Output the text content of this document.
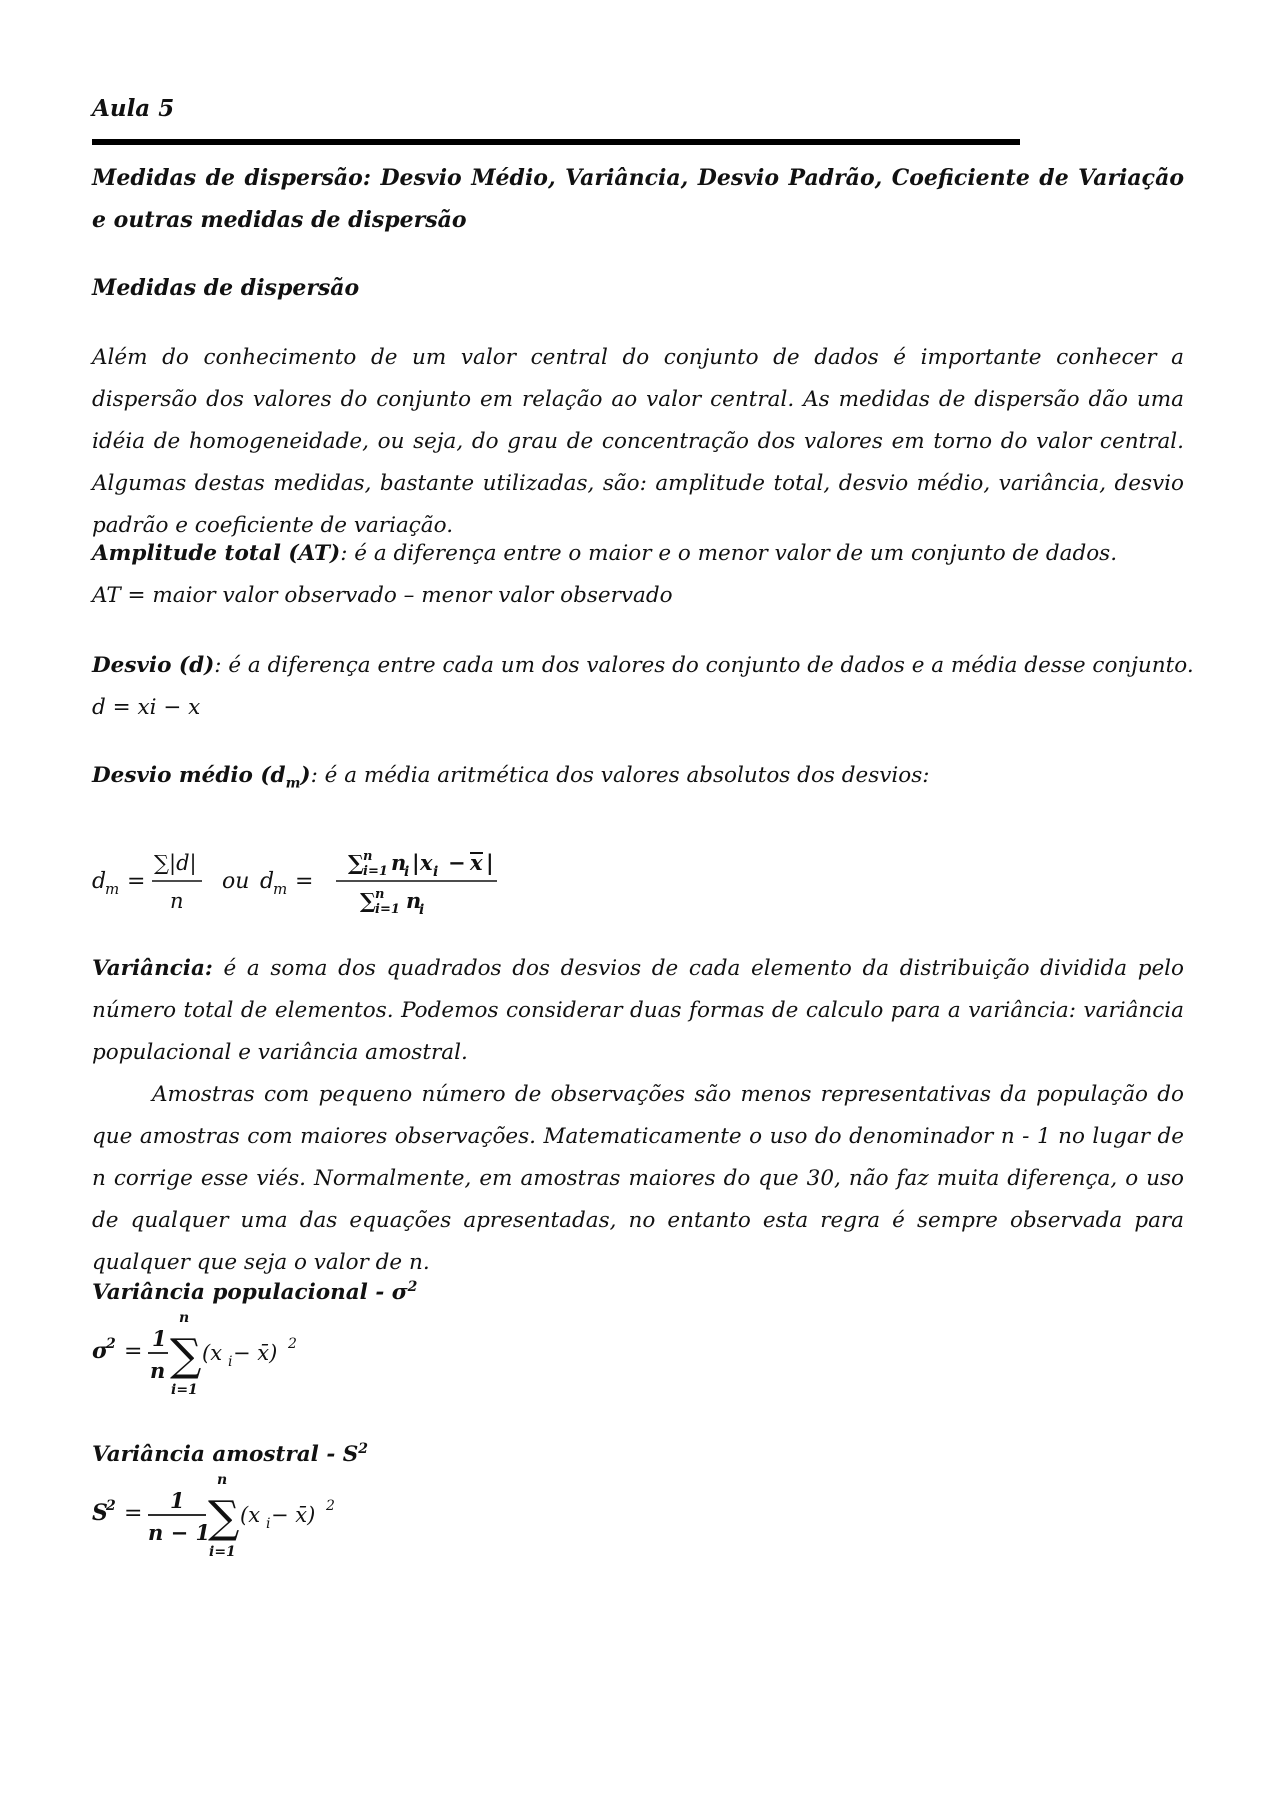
Aula 5
Medidas de dispersão: Desvio Médio, Variância, Desvio Padrão, Coeficiente de Variação e outras medidas de dispersão
Medidas de dispersão
Além do conhecimento de um valor central do conjunto de dados é importante conhecer a dispersão dos valores do conjunto em relação ao valor central. As medidas de dispersão dão uma idéia de homogeneidade, ou seja, do grau de concentração dos valores em torno do valor central. Algumas destas medidas, bastante utilizadas, são: amplitude total, desvio médio, variância, desvio padrão e coeficiente de variação.
Amplitude total (AT): é a diferença entre o maior e o menor valor de um conjunto de dados.
AT = maior valor observado – menor valor observado
Desvio (d): é a diferença entre cada um dos valores do conjunto de dados e a média desse conjunto.
d = xi − x
Desvio médio $(d_m)$: é a média aritmética dos valores absolutos dos desvios:
d
m =
∑|d|
n
ou d
m =
∑ n
i=1 n
i | x i − x |
∑ n
i=1 n
i
Variância: é a soma dos quadrados dos desvios de cada elemento da distribuição dividida pelo número total de elementos. Podemos considerar duas formas de calculo para a variância: variância populacional e variância amostral.
Amostras com pequeno número de observações são menos representativas da população do que amostras com maiores observações. Matematicamente o uso do denominador n - 1 no lugar de n corrige esse viés. Normalmente, em amostras maiores do que 30, não faz muita diferença, o uso de qualquer uma das equações apresentadas, no entanto esta regra é sempre observada para qualquer que seja o valor de n.
Variância populacional - $\sigma^2$
σ
2 =
1
n ∑
n
i=1
(x i − x̄) 2
Variância amostral - $S^2$
S
2 =
1
n − 1
∑
n
i=1
(x i − x̄) 2
